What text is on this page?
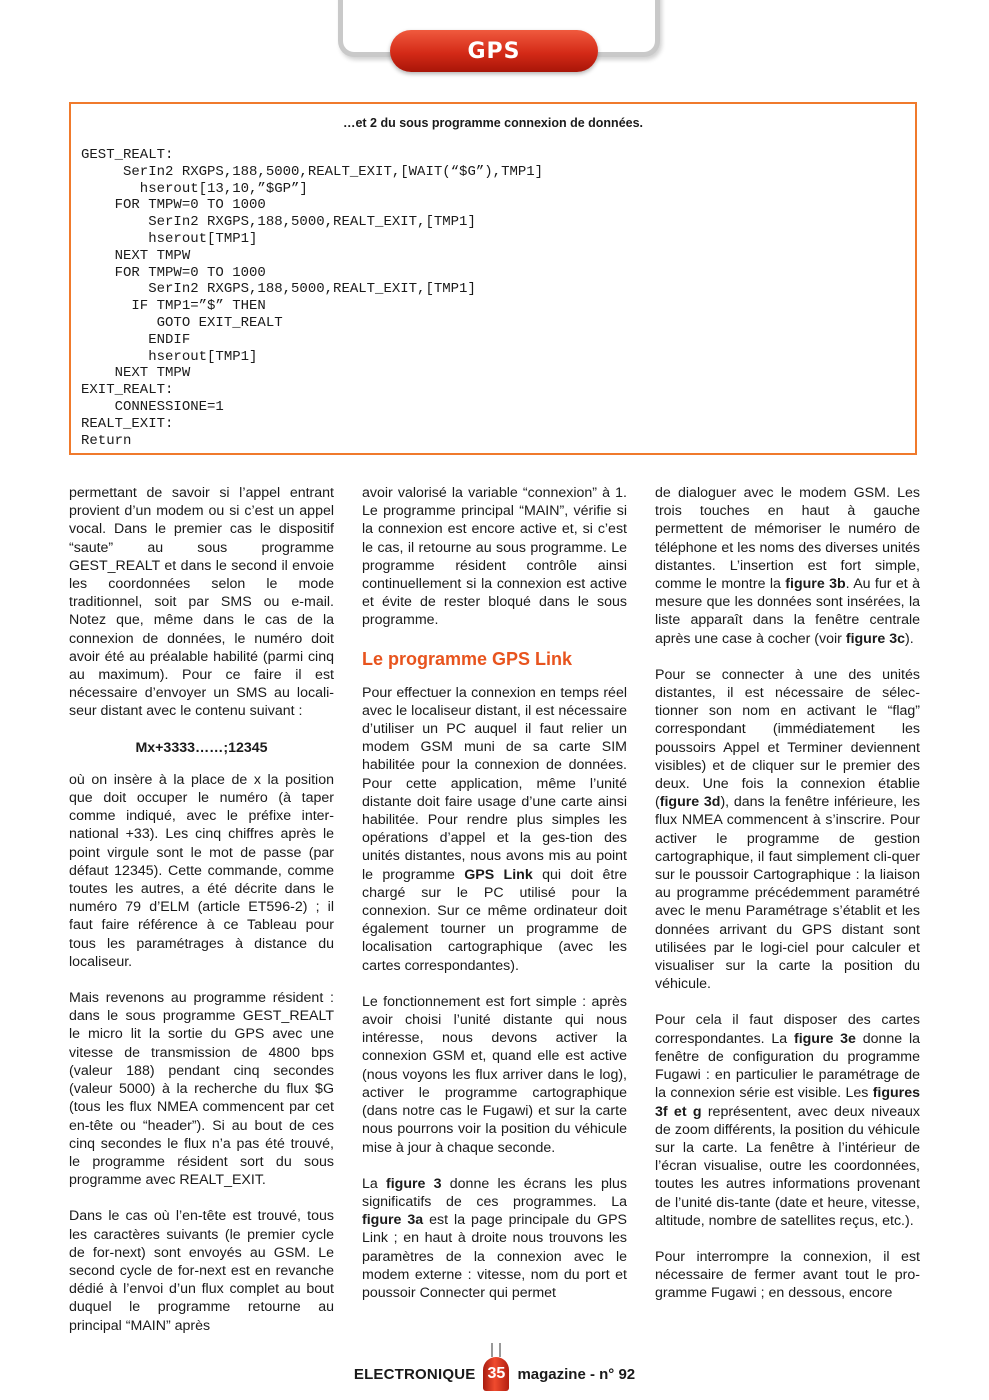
GPS
…et 2 du sous programme connexion de données.
GEST_REALT:
SerIn2 RXGPS,188,5000,REALT_EXIT,[WAIT(“$G”),TMP1]
hserout[13,10,”$GP”]
FOR TMPW=0 TO 1000
SerIn2 RXGPS,188,5000,REALT_EXIT,[TMP1]
hserout[TMP1]
NEXT TMPW
FOR TMPW=0 TO 1000
SerIn2 RXGPS,188,5000,REALT_EXIT,[TMP1]
IF TMP1=”$” THEN
GOTO EXIT_REALT
ENDIF
hserout[TMP1]
NEXT TMPW
EXIT_REALT:
CONNESSIONE=1
REALT_EXIT:
Return

permettant de savoir si l’appel entrant provient d’un modem ou si c’est un appel vocal. Dans le premier cas le dispositif “saute” au sous programme GEST_REALT et dans le second il envoie les coordonnées selon le mode traditionnel, soit par SMS ou e-mail. Notez que, même dans le cas de la connexion de données, le numéro doit avoir été au préalable habilité (parmi cinq au maximum). Pour ce faire il est nécessaire d’envoyer un SMS au locali-seur distant avec le contenu suivant :

Mx+3333……;12345

où on insère à la place de x la position que doit occuper le numéro (à taper comme indiqué, avec le préfixe inter-national +33). Les cinq chiffres après le point virgule sont le mot de passe (par défaut 12345). Cette commande, comme toutes les autres, a été décrite dans le numéro 79 d’ELM (article ET596-2) ; il faut faire référence à ce Tableau pour tous les paramétrages à distance du localiseur.

Mais revenons au programme résident : dans le sous programme GEST_REALT le micro lit la sortie du GPS avec une vitesse de transmission de 4800 bps (valeur 188) pendant cinq secondes (valeur 5000) à la recherche du flux $G (tous les flux NMEA commencent par cet en-tête ou “header”). Si au bout de ces cinq secondes le flux n’a pas été trouvé, le programme résident sort du sous programme avec REALT_EXIT.

Dans le cas où l’en-tête est trouvé, tous les caractères suivants (le premier cycle de for-next) sont envoyés au GSM. Le second cycle de for-next est en revanche dédié à l’envoi d’un flux complet au bout duquel le programme retourne au principal “MAIN” après

avoir valorisé la variable “connexion” à 1. Le programme principal “MAIN”, vérifie si la connexion est encore active et, si c’est le cas, il retourne au sous programme. Le programme résident contrôle ainsi continuellement si la connexion est active et évite de rester bloqué dans le sous programme.

Le programme GPS Link

Pour effectuer la connexion en temps réel avec le localiseur distant, il est nécessaire d’utiliser un PC auquel il faut relier un modem GSM muni de sa carte SIM habilitée pour la connexion de données. Pour cette application, même l’unité distante doit faire usage d’une carte ainsi habilitée. Pour rendre plus simples les opérations d’appel et la ges-tion des unités distantes, nous avons mis au point le programme GPS Link qui doit être chargé sur le PC utilisé pour la connexion. Sur ce même ordinateur doit également tourner un programme de localisation cartographique (avec les cartes correspondantes).

Le fonctionnement est fort simple : après avoir choisi l’unité distante qui nous intéresse, nous devons activer la connexion GSM et, quand elle est active (nous voyons les flux arriver dans le log), activer le programme cartographique (dans notre cas le Fugawi) et sur la carte nous pourrons voir la position du véhicule mise à jour à chaque seconde.

La figure 3 donne les écrans les plus significatifs de ces programmes. La figure 3a est la page principale du GPS Link ; en haut à droite nous trouvons les paramètres de la connexion avec le modem externe : vitesse, nom du port et poussoir Connecter qui permet

de dialoguer avec le modem GSM. Les trois touches en haut à gauche permettent de mémoriser le numéro de téléphone et les noms des diverses unités distantes. L’insertion est fort simple, comme le montre la figure 3b. Au fur et à mesure que les données sont insérées, la liste apparaît dans la fenêtre centrale après une case à cocher (voir figure 3c).

Pour se connecter à une des unités distantes, il est nécessaire de sélec-tionner son nom en activant le “flag” correspondant (immédiatement les poussoirs Appel et Terminer deviennent visibles) et de cliquer sur le premier des deux. Une fois la connexion établie (figure 3d), dans la fenêtre inférieure, les flux NMEA commencent à s’inscrire. Pour activer le programme de gestion cartographique, il faut simplement cli-quer sur le poussoir Cartographique : la liaison au programme précédemment paramétré avec le menu Paramétrage s’établit et les données arrivant du GPS distant sont utilisées par le logi-ciel pour calculer et visualiser sur la carte la position du véhicule.

Pour cela il faut disposer des cartes correspondantes. La figure 3e donne la fenêtre de configuration du programme Fugawi : en particulier le paramétrage de la connexion série est visible. Les figures 3f et g représentent, avec deux niveaux de zoom différents, la position du véhicule sur la carte. La fenêtre à l’intérieur de l’écran visualise, outre les coordonnées, toutes les autres informations provenant de l’unité dis-tante (date et heure, vitesse, altitude, nombre de satellites reçus, etc.).

Pour interrompre la connexion, il est nécessaire de fermer avant tout le pro-gramme Fugawi ; en dessous, encore

ELECTRONIQUE 35 magazine - n° 92
